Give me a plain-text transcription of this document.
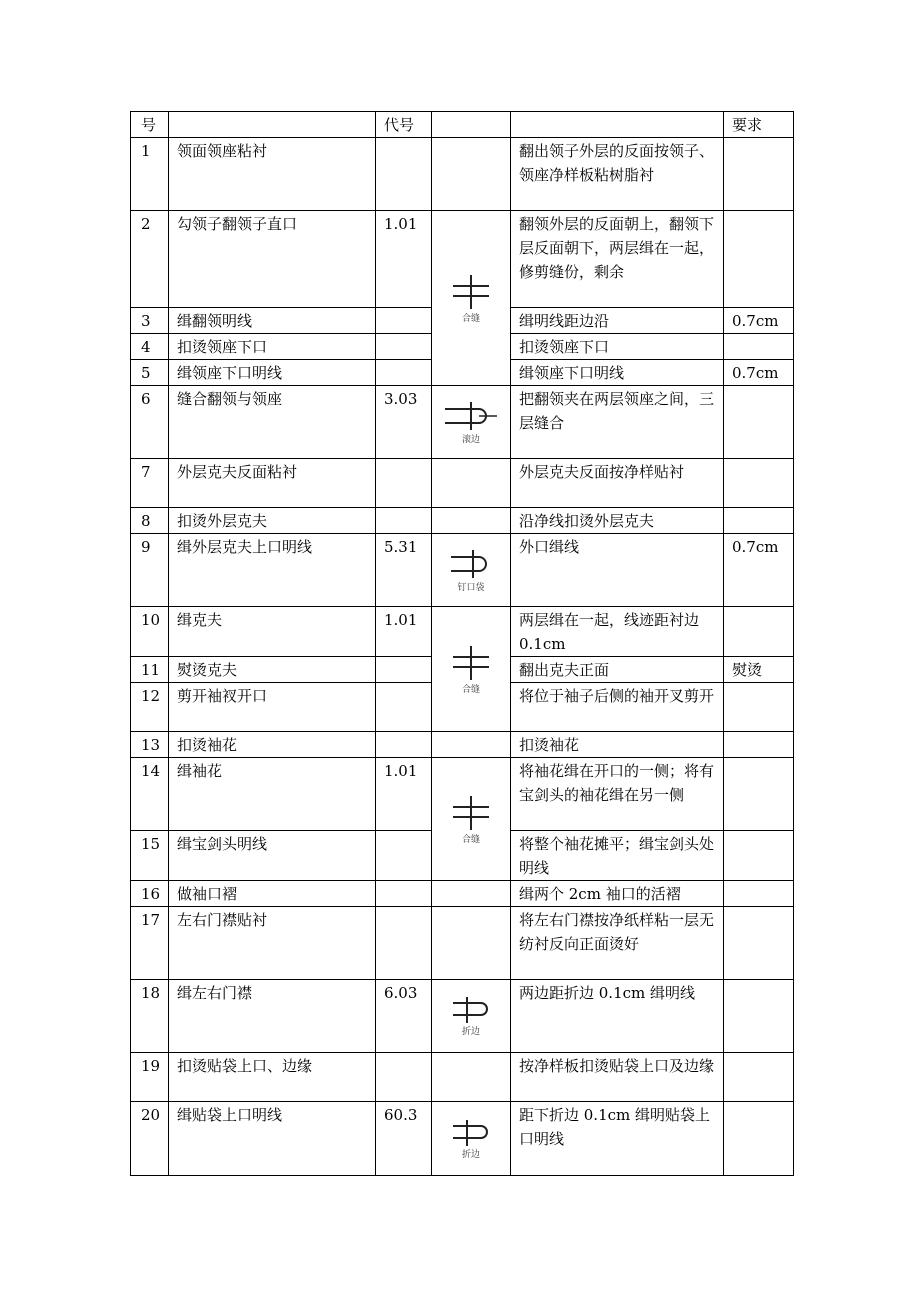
号		代号			要求
1	领面领座粘衬			翻出领子外层的反面按领子、领座净样板粘树脂衬	
2	勾领子翻领子直口	1.01	合缝	翻领外层的反面朝上，翻领下层反面朝下，两层缉在一起，修剪缝份，剩余	
3	缉翻领明线			缉明线距边沿	0.7cm
4	扣烫领座下口			扣烫领座下口	
5	缉领座下口明线			缉领座下口明线	0.7cm
6	缝合翻领与领座	3.03	滚边	把翻领夹在两层领座之间，三层缝合	
7	外层克夫反面粘衬			外层克夫反面按净样贴衬	
8	扣烫外层克夫			沿净线扣烫外层克夫	
9	缉外层克夫上口明线	5.31	钉口袋	外口缉线	0.7cm
10	缉克夫	1.01	合缝	两层缉在一起，线迹距衬边 0.1cm	
11	熨烫克夫			翻出克夫正面	熨烫
12	剪开袖衩开口			将位于袖子后侧的袖开叉剪开	
13	扣烫袖花			扣烫袖花	
14	缉袖花	1.01	合缝	将袖花缉在开口的一侧；将有宝剑头的袖花缉在另一侧	
15	缉宝剑头明线			将整个袖花摊平；缉宝剑头处明线	
16	做袖口褶			缉两个 2cm 袖口的活褶	
17	左右门襟贴衬			将左右门襟按净纸样粘一层无纺衬反向正面烫好	
18	缉左右门襟	6.03	折边	两边距折边 0.1cm 缉明线	
19	扣烫贴袋上口、边缘			按净样板扣烫贴袋上口及边缘	
20	缉贴袋上口明线	60.3	折边	距下折边 0.1cm 缉明贴袋上口明线	
